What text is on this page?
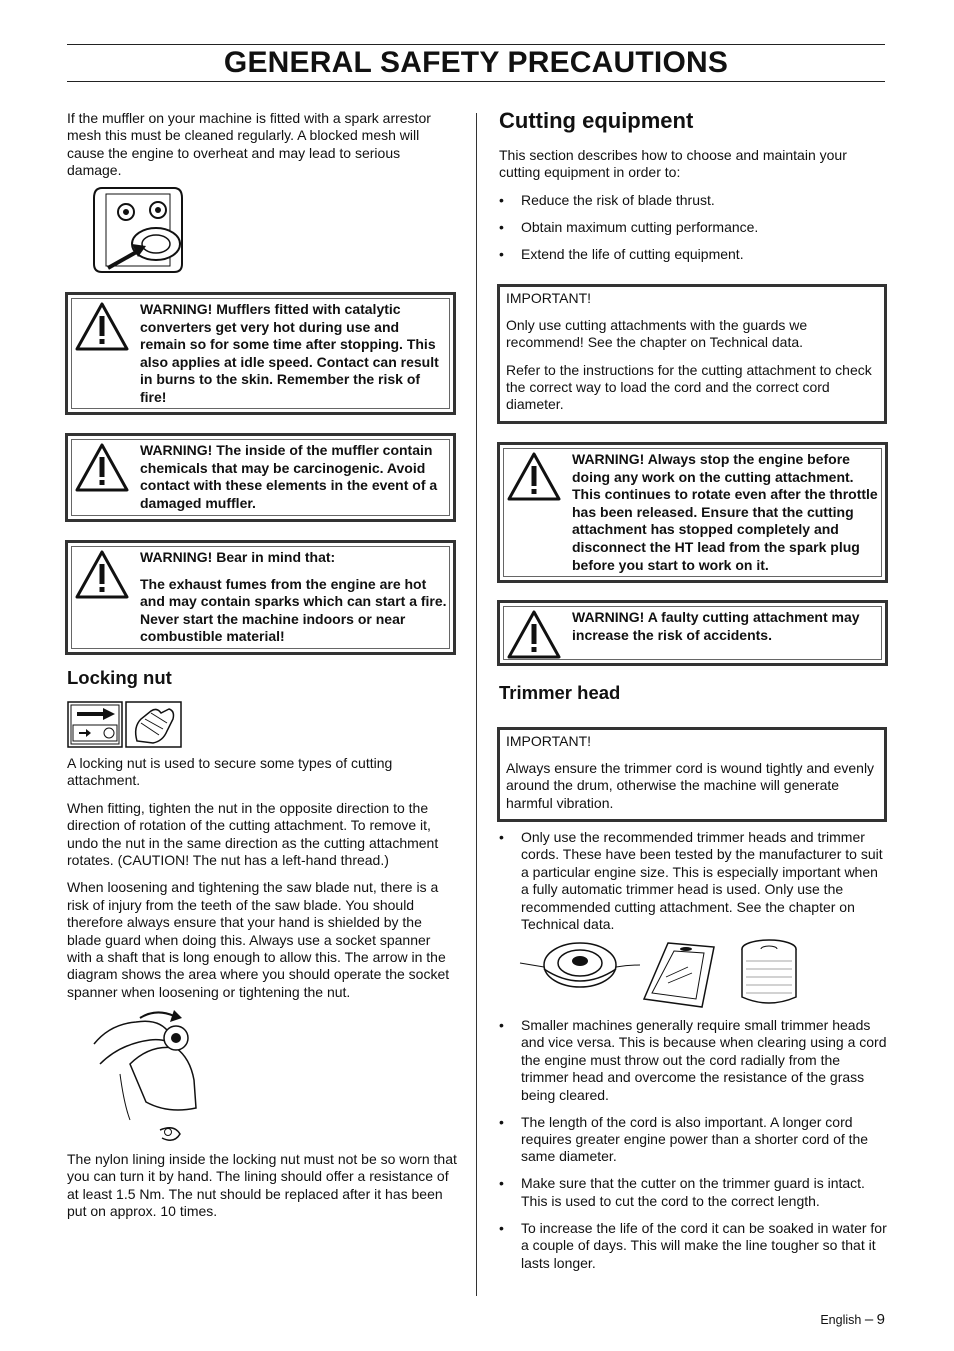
GENERAL SAFETY PRECAUTIONS
If the muffler on your machine is fitted with a spark arrestor mesh this must be cleaned regularly. A blocked mesh will cause the engine to overheat and may lead to serious damage.
WARNING! Mufflers fitted with catalytic converters get very hot during use and remain so for some time after stopping. This also applies at idle speed. Contact can result in burns to the skin. Remember the risk of fire!
WARNING! The inside of the muffler contain chemicals that may be carcinogenic. Avoid contact with these elements in the event of a damaged muffler.
WARNING! Bear in mind that:
The exhaust fumes from the engine are hot and may contain sparks which can start a fire. Never start the machine indoors or near combustible material!
Locking nut

A locking nut is used to secure some types of cutting attachment.

When fitting, tighten the nut in the opposite direction to the direction of rotation of the cutting attachment. To remove it, undo the nut in the same direction as the cutting attachment rotates. (CAUTION! The nut has a left-hand thread.)

When loosening and tightening the saw blade nut, there is a risk of injury from the teeth of the saw blade. You should therefore always ensure that your hand is shielded by the blade guard when doing this. Always use a socket spanner with a shaft that is long enough to allow this. The arrow in the diagram shows the area where you should operate the socket spanner when loosening or tightening the nut.

The nylon lining inside the locking nut must not be so worn that you can turn it by hand. The lining should offer a resistance of at least 1.5 Nm. The nut should be replaced after it has been put on approx. 10 times.
Cutting equipment

This section describes how to choose and maintain your cutting equipment in order to:

• Reduce the risk of blade thrust.
• Obtain maximum cutting performance.
• Extend the life of cutting equipment.

IMPORTANT!

Only use cutting attachments with the guards we recommend! See the chapter on Technical data.

Refer to the instructions for the cutting attachment to check the correct way to load the cord and the correct cord diameter.

WARNING! Always stop the engine before doing any work on the cutting attachment. This continues to rotate even after the throttle has been released. Ensure that the cutting attachment has stopped completely and disconnect the HT lead from the spark plug before you start to work on it.
WARNING! A faulty cutting attachment may increase the risk of accidents.
Trimmer head

IMPORTANT!

Always ensure the trimmer cord is wound tightly and evenly around the drum, otherwise the machine will generate harmful vibration.

• Only use the recommended trimmer heads and trimmer cords. These have been tested by the manufacturer to suit a particular engine size. This is especially important when a fully automatic trimmer head is used. Only use the recommended cutting attachment. See the chapter on Technical data.
• Smaller machines generally require small trimmer heads and vice versa. This is because when clearing using a cord the engine must throw out the cord radially from the trimmer head and overcome the resistance of the grass being cleared.
• The length of the cord is also important. A longer cord requires greater engine power than a shorter cord of the same diameter.
• Make sure that the cutter on the trimmer guard is intact. This is used to cut the cord to the correct length.
• To increase the life of the cord it can be soaked in water for a couple of days. This will make the line tougher so that it lasts longer.
English – 9
